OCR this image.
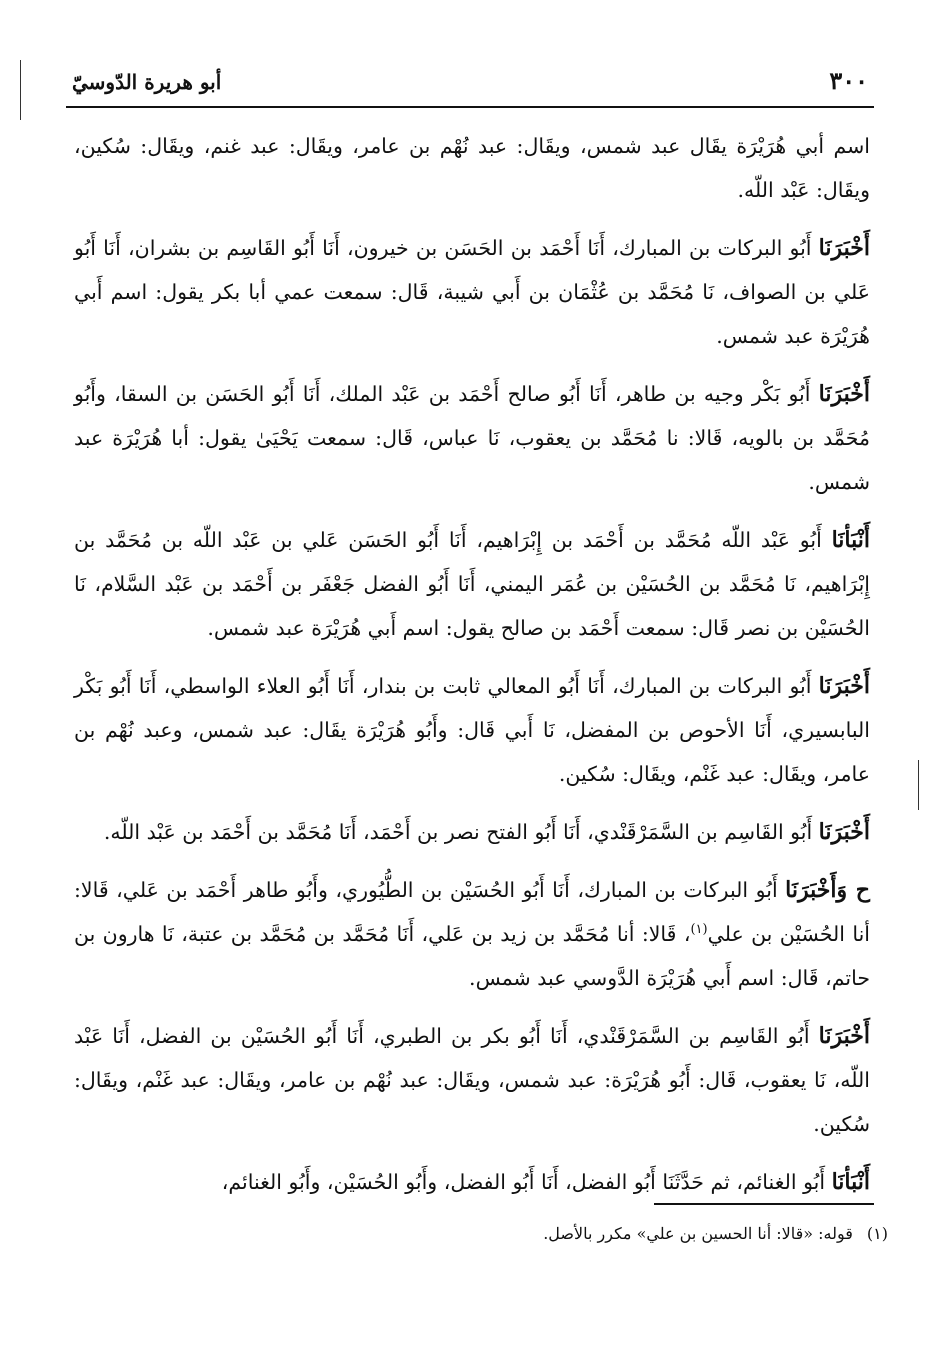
٣٠٠
أبو هريرة الدّوسيّ

اسم أبي هُرَيْرَة يقَال عبد شمس، ويقَال: عبد نُهْم بن عامر، ويقَال: عبد غنم، ويقَال: سُكين، ويقَال: عَبْد اللّه.

أَخْبَرَنَا أَبُو البركات بن المبارك، أَنَا أَحْمَد بن الحَسَن بن خيرون، أَنَا أَبُو القَاسِم بن بشران، أَنَا أَبُو عَلي بن الصواف، نَا مُحَمَّد بن عُثْمَان بن أَبي شيبة، قَال: سمعت عمي أبا بكر يقول: اسم أَبي هُرَيْرَة عبد شمس.

أَخْبَرَنَا أَبُو بَكْر وجيه بن طاهر، أَنَا أَبُو صالح أَحْمَد بن عَبْد الملك، أَنَا أَبُو الحَسَن بن السقا، وأَبُو مُحَمَّد بن بالويه، قَالا: نا مُحَمَّد بن يعقوب، نَا عباس، قَال: سمعت يَحْيَىٰ يقول: أبا هُرَيْرَة عبد شمس.

أَنْبَأنَا أَبُو عَبْد اللّه مُحَمَّد بن أَحْمَد بن إِبْرَاهيم، أَنَا أَبُو الحَسَن عَلي بن عَبْد اللّه بن مُحَمَّد بن إِبْرَاهيم، نَا مُحَمَّد بن الحُسَيْن بن عُمَر اليمني، أَنَا أَبُو الفضل جَعْفَر بن أَحْمَد بن عَبْد السَّلام، نَا الحُسَيْن بن نصر قَال: سمعت أَحْمَد بن صالح يقول: اسم أَبي هُرَيْرَة عبد شمس.

أَخْبَرَنَا أَبُو البركات بن المبارك، أَنَا أَبُو المعالي ثابت بن بندار، أَنَا أَبُو العلاء الواسطي، أَنَا أَبُو بَكْر البابسيري، أَنَا الأحوص بن المفضل، نَا أَبي قَال: وأَبُو هُرَيْرَة يقَال: عبد شمس، وعبد نُهْم بن عامر، ويقَال: عبد غَنْم، ويقَال: سُكين.

أَخْبَرَنَا أَبُو القَاسِم بن السَّمَرْقَنْدي، أَنَا أَبُو الفتح نصر بن أَحْمَد، أَنَا مُحَمَّد بن أَحْمَد بن عَبْد اللّه.

ح وَأَخْبَرَنَا أَبُو البركات بن المبارك، أَنَا أَبُو الحُسَيْن بن الطُّيُوري، وأَبُو طاهر أَحْمَد بن عَلي، قَالا: أنا الحُسَيْن بن علي$^{(١)}$، قَالا: أنا مُحَمَّد بن زيد بن عَلي، أَنَا مُحَمَّد بن مُحَمَّد بن عتبة، نَا هارون بن حاتم، قَال: اسم أَبي هُرَيْرَة الدَّوسي عبد شمس.

أَخْبَرَنَا أَبُو القَاسِم بن السَّمَرْقَنْدي، أَنَا أَبُو بكر بن الطبري، أَنَا أَبُو الحُسَيْن بن الفضل، أَنَا عَبْد اللّه، نَا يعقوب، قَال: أَبُو هُرَيْرَة: عبد شمس، ويقَال: عبد نُهْم بن عامر، ويقَال: عبد غَنْم، ويقَال: سُكين.

أَنْبَأنَا أَبُو الغنائم، ثم حَدَّثَنَا أَبُو الفضل، أَنَا أَبُو الفضل، وأَبُو الحُسَيْن، وأَبُو الغنائم،

(١)قوله: «قالا: أنا الحسين بن علي» مكرر بالأصل.
